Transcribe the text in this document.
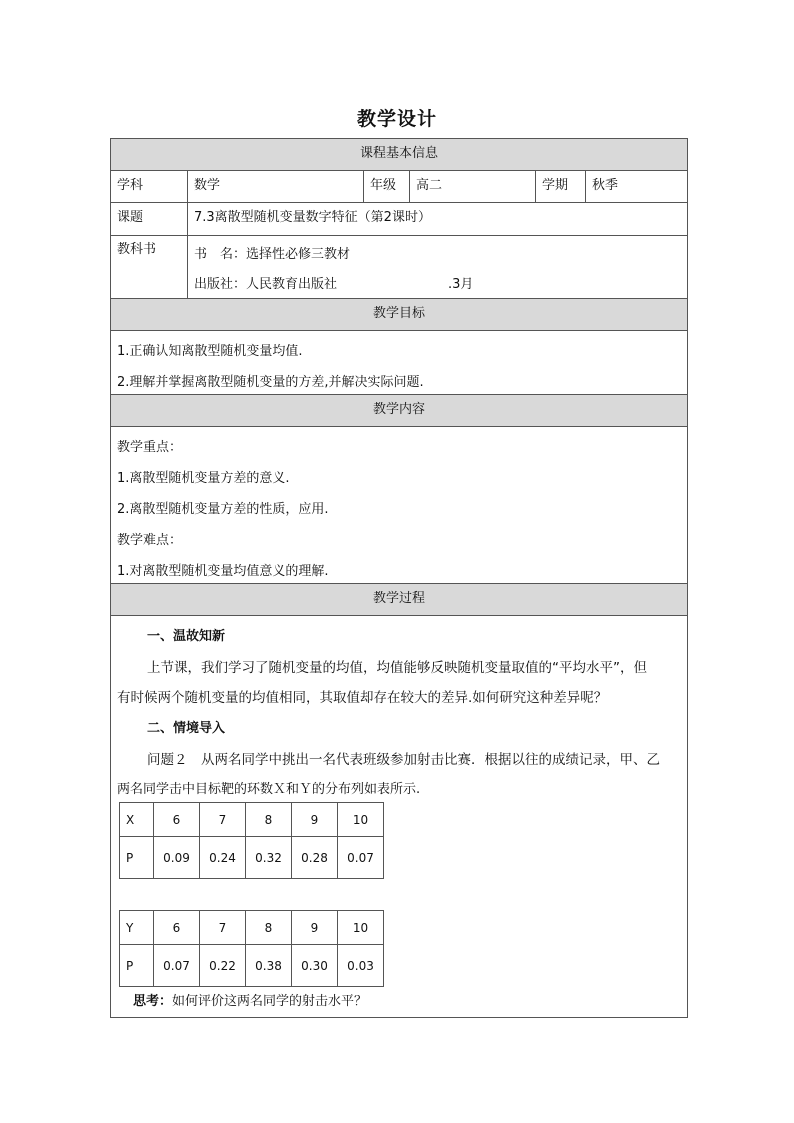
教学设计
课程基本信息
学科	数学	年级	高二	学期	秋季
课题	7.3离散型随机变量数字特征（第2课时）
教科书	书　名：选择性必修三教材
出版社：人民教育出版社	.3月
教学目标
1.正确认知离散型随机变量均值.
2.理解并掌握离散型随机变量的方差,并解决实际问题.
教学内容
教学重点：
1.离散型随机变量方差的意义.
2.离散型随机变量方差的性质，应用.
教学难点：
1.对离散型随机变量均值意义的理解.
教学过程
一、温故知新
上节课，我们学习了随机变量的均值，均值能够反映随机变量取值的“平均水平”，但
有时候两个随机变量的均值相同，其取值却存在较大的差异.如何研究这种差异呢？
二、情境导入
问题２　从两名同学中挑出一名代表班级参加射击比赛．根据以往的成绩记录，甲、乙
两名同学击中目标靶的环数Ｘ和Ｙ的分布列如表所示.
X	6	7	8	9	10
P	0.09	0.24	0.32	0.28	0.07
Y	6	7	8	9	10
P	0.07	0.22	0.38	0.30	0.03
思考：如何评价这两名同学的射击水平？
